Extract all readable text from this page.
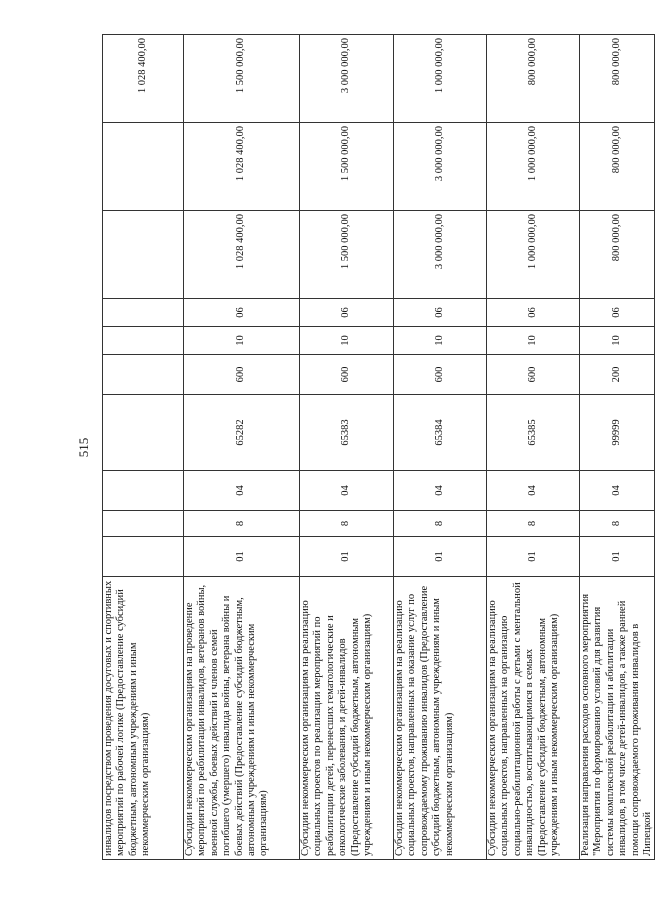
515
инвалидов посредством проведения досуговых и спортивных мероприятий по рабочей логике (Предоставление субсидий бюджетным, автономным учреждениям и иным некоммерческим организациям)										1 028 400,00
Субсидии некоммерческим организациям на проведение мероприятий по реабилитации инвалидов, ветеранов войны, военной службы, боевых действий и членов семей погибшего (умершего) инвалида войны, ветерана войны и боевых действий (Предоставление субсидий бюджетным, автономным учреждениям и иным некоммерческим организациям)	01	8	04	65282	600	10	06	1 028 400,00	1 028 400,00	1 500 000,00
Субсидии некоммерческим организациям на реализацию социальных проектов по реализации мероприятий по реабилитации детей, перенесших гематологические и онкологические заболевания, и детей-инвалидов (Предоставление субсидий бюджетным, автономным учреждениям и иным некоммерческим организациям)	01	8	04	65383	600	10	06	1 500 000,00	1 500 000,00	3 000 000,00
Субсидии некоммерческим организациям на реализацию социальных проектов, направленных на оказание услуг по сопровождаемому проживанию инвалидов (Предоставление субсидий бюджетным, автономным учреждениям и иным некоммерческим организациям)	01	8	04	65384	600	10	06	3 000 000,00	3 000 000,00	1 000 000,00
Субсидии некоммерческим организациям на реализацию социальных проектов, направленных на организацию социально-реабилитационной работы с детьми с ментальной инвалидностью, воспитывающимися в семьях (Предоставление субсидий бюджетным, автономным учреждениям и иным некоммерческим организациям)	01	8	04	65385	600	10	06	1 000 000,00	1 000 000,00	800 000,00
Реализация направления расходов основного мероприятия "Мероприятия по формированию условий для развития системы комплексной реабилитации и абилитации инвалидов, в том числе детей-инвалидов, а также ранней помощи сопровождаемого проживания инвалидов в Липецкой	01	8	04	99999	200	10	06	800 000,00	800 000,00	800 000,00
